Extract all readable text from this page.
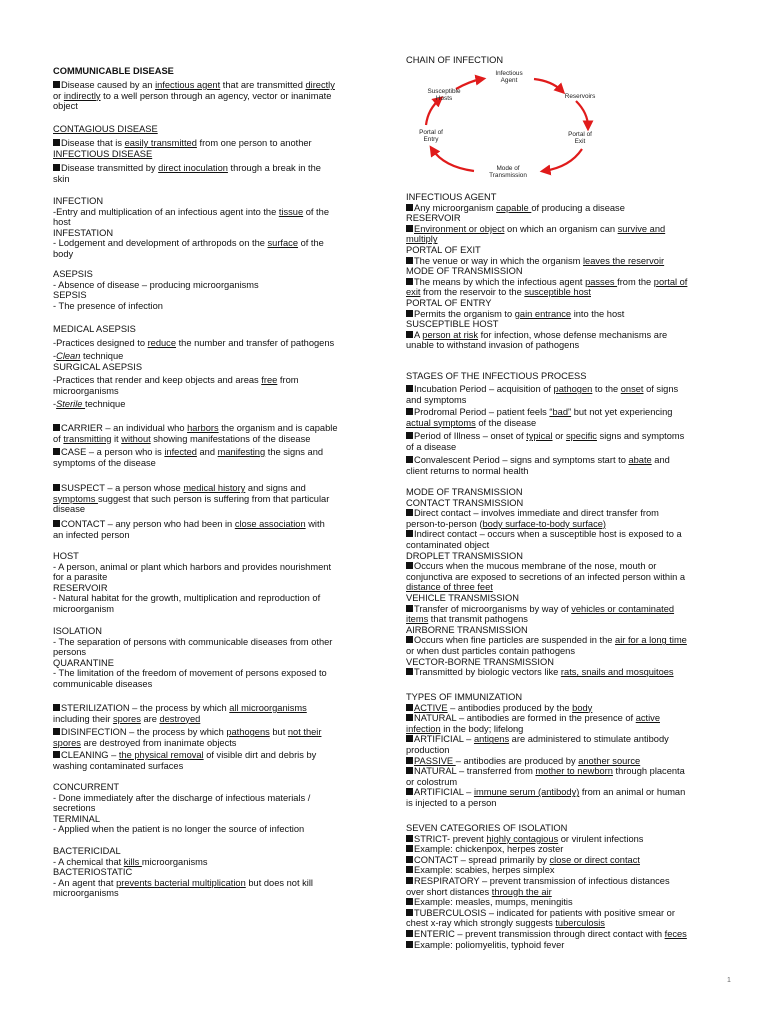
COMMUNICABLE DISEASE
Disease caused by an infectious agent that are transmitted directly
or indirectly to a well person through an agency, vector or inanimate
object
CONTAGIOUS DISEASE
Disease that is easily transmitted from one person to another
INFECTIOUS DISEASE
Disease transmitted by direct inoculation through a break in the
skin
INFECTION
-Entry and multiplication of an infectious agent into the tissue of the
host
INFESTATION
- Lodgement and development of arthropods on the surface of the
body
ASEPSIS
- Absence of disease – producing microorganisms
SEPSIS
- The presence of infection
MEDICAL ASEPSIS
-Practices designed to reduce the number and transfer of pathogens
-Clean technique
SURGICAL ASEPSIS
-Practices that render and keep objects and areas free from
microorganisms
-Sterile technique
CARRIER – an individual who harbors the organism and is capable
of transmitting it without showing manifestations of the disease
CASE – a person who is infected and manifesting the signs and
symptoms of the disease
SUSPECT – a person whose medical history and signs and
symptoms suggest that such person is suffering from that particular
disease
CONTACT – any person who had been in close association with
an infected person
HOST
- A person, animal or plant which harbors and provides nourishment
for a parasite
RESERVOIR
- Natural habitat for the growth, multiplication and reproduction of
microorganism
ISOLATION
- The separation of persons with communicable diseases from other
persons
QUARANTINE
- The limitation of the freedom of movement of persons exposed to
communicable diseases
STERILIZATION – the process by which all microorganisms
including their spores are destroyed
DISINFECTION – the process by which pathogens but not their
spores are destroyed from inanimate objects
CLEANING – the physical removal of visible dirt and debris by
washing contaminated surfaces
CONCURRENT
- Done immediately after the discharge of infectious materials /
secretions
TERMINAL
- Applied when the patient is no longer the source of infection
BACTERICIDAL
- A chemical that kills microorganisms
BACTERIOSTATIC
- An agent that prevents bacterial multiplication but does not kill
microorganisms
CHAIN OF INFECTION
INFECTIOUS AGENT
Any microorganism capable of producing a disease
RESERVOIR
Environment or object on which an organism can survive and
multiply
PORTAL OF EXIT
The venue or way in which the organism leaves the reservoir
MODE OF TRANSMISSION
The means by which the infectious agent passes from the portal of
exit from the reservoir to the susceptible host
PORTAL OF ENTRY
Permits the organism to gain entrance into the host
SUSCEPTIBLE HOST
A person at risk for infection, whose defense mechanisms are
unable to withstand invasion of pathogens
STAGES OF THE INFECTIOUS PROCESS
Incubation Period – acquisition of pathogen to the onset of signs
and symptoms
Prodromal Period – patient feels “bad” but not yet experiencing
actual symptoms of the disease
Period of Illness – onset of typical or specific signs and symptoms
of a disease
Convalescent Period – signs and symptoms start to abate and
client returns to normal health
MODE OF TRANSMISSION
CONTACT TRANSMISSION
Direct contact – involves immediate and direct transfer from
person-to-person (body surface-to-body surface)
Indirect contact – occurs when a susceptible host is exposed to a
contaminated object
DROPLET TRANSMISSION
Occurs when the mucous membrane of the nose, mouth or
conjunctiva are exposed to secretions of an infected person within a
distance of three feet
VEHICLE TRANSMISSION
Transfer of microorganisms by way of vehicles or contaminated
items that transmit pathogens
AIRBORNE TRANSMISSION
Occurs when fine particles are suspended in the air for a long time
or when dust particles contain pathogens
VECTOR-BORNE TRANSMISSION
Transmitted by biologic vectors like rats, snails and mosquitoes
TYPES OF IMMUNIZATION
ACTIVE – antibodies produced by the body
NATURAL – antibodies are formed in the presence of active
infection in the body; lifelong
ARTIFICIAL – antigens are administered to stimulate antibody
production
PASSIVE – antibodies are produced by another source
NATURAL – transferred from mother to newborn through placenta
or colostrum
ARTIFICIAL – immune serum (antibody) from an animal or human
is injected to a person
SEVEN CATEGORIES OF ISOLATION
STRICT- prevent highly contagious or virulent infections
Example: chickenpox, herpes zoster
CONTACT – spread primarily by close or direct contact
Example: scabies, herpes simplex
RESPIRATORY – prevent transmission of infectious distances
over short distances through the air
Example: measles, mumps, meningitis
TUBERCULOSIS – indicated for patients with positive smear or
chest x-ray which strongly suggests tuberculosis
ENTERIC – prevent transmission through direct contact with feces
Example: poliomyelitis, typhoid fever
Infectious Agent
Reservoirs
Portal of Exit
Mode of Transmission
Portal of Entry
Susceptible Hosts
1
